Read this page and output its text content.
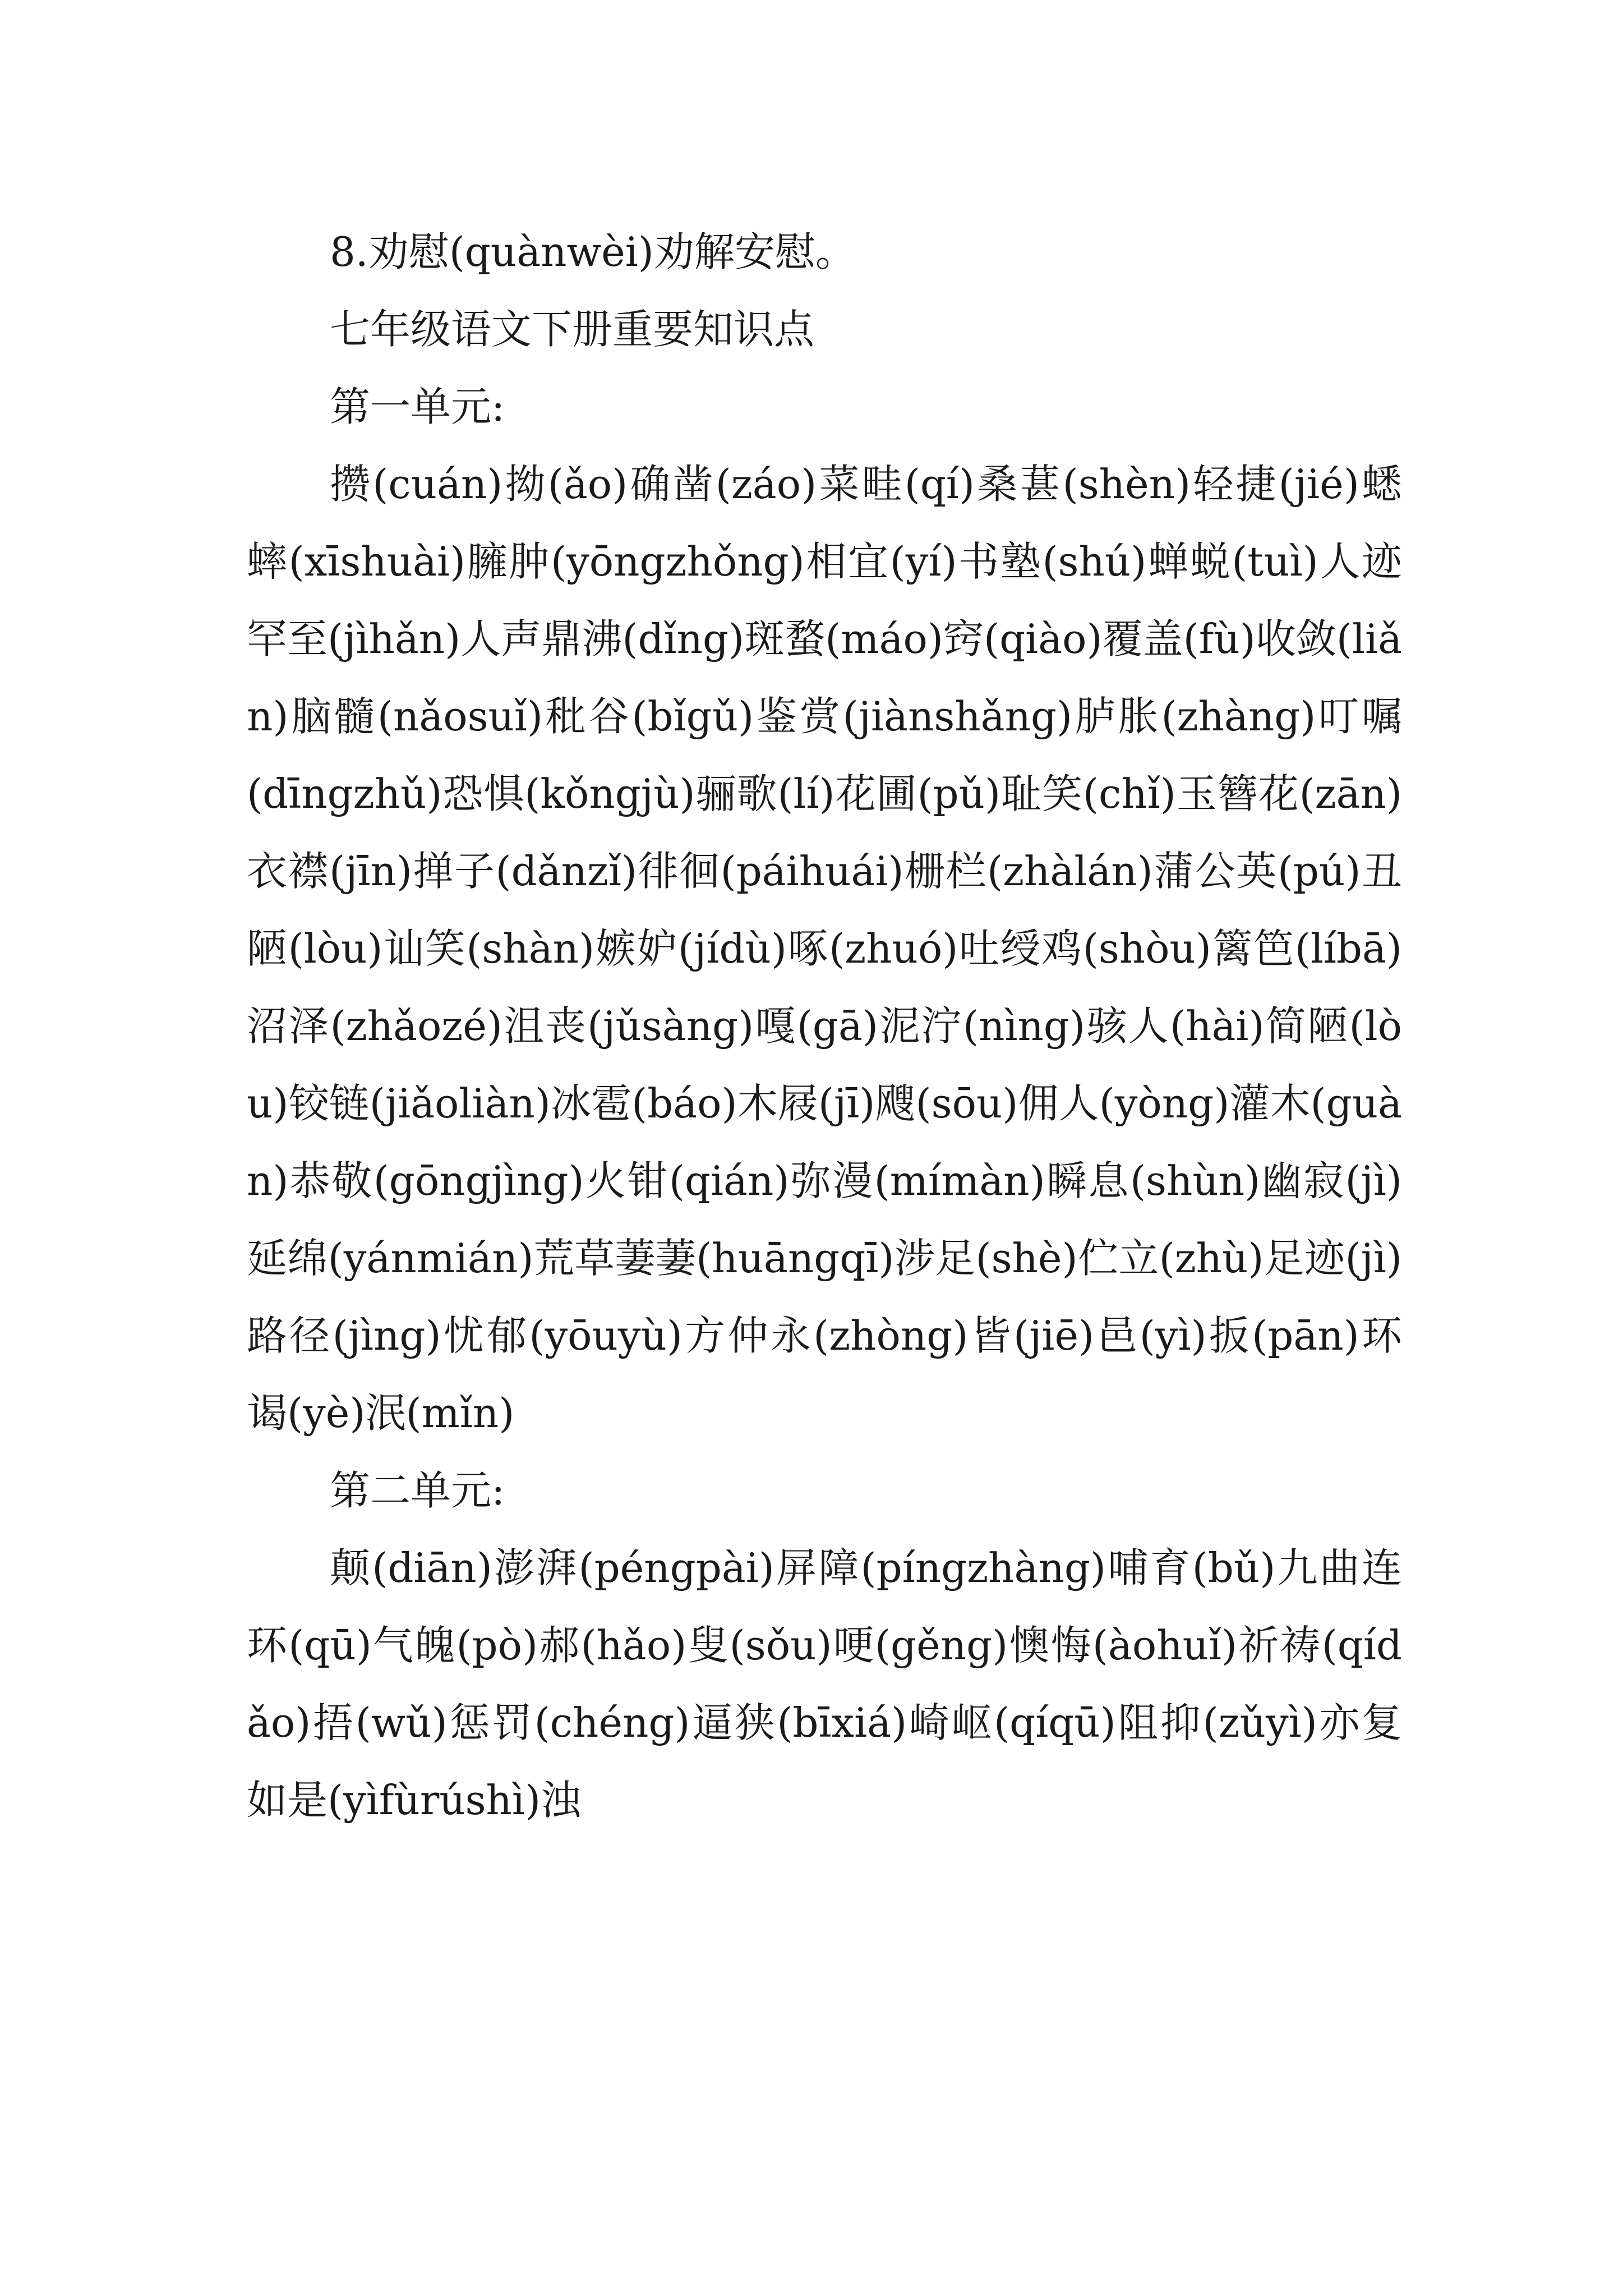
8.劝慰(quànwèi)劝解安慰。

七年级语文下册重要知识点

第一单元:

攒(cuán)拗(ǎo)确凿(záo)菜畦(qí)桑葚(shèn)轻捷(jié)蟋蟀(xīshuài)臃肿(yōngzhǒng)相宜(yí)书塾(shú)蝉蜕(tuì)人迹罕至(jìhǎn)人声鼎沸(dǐng)斑蝥(máo)窍(qiào)覆盖(fù)收敛(liǎn)脑髓(nǎosuǐ)秕谷(bǐgǔ)鉴赏(jiànshǎng)胪胀(zhàng)叮嘱(dīngzhǔ)恐惧(kǒngjù)骊歌(lí)花圃(pǔ)耻笑(chǐ)玉簪花(zān)衣襟(jīn)掸子(dǎnzǐ)徘徊(páihuái)栅栏(zhàlán)蒲公英(pú)丑陋(lòu)讪笑(shàn)嫉妒(jídù)啄(zhuó)吐绶鸡(shòu)篱笆(líbā)沼泽(zhǎozé)沮丧(jǔsàng)嘎(gā)泥泞(nìng)骇人(hài)简陋(lòu)铰链(jiǎoliàn)冰雹(báo)木屐(jī)飕(sōu)佣人(yòng)灌木(guàn)恭敬(gōngjìng)火钳(qián)弥漫(mímàn)瞬息(shùn)幽寂(jì)延绵(yánmián)荒草萋萋(huāngqī)涉足(shè)伫立(zhù)足迹(jì)路径(jìng)忧郁(yōuyù)方仲永(zhòng)皆(jiē)邑(yì)扳(pān)环谒(yè)泯(mǐn)

第二单元:

颠(diān)澎湃(péngpài)屏障(píngzhàng)哺育(bǔ)九曲连环(qū)气魄(pò)郝(hǎo)叟(sǒu)哽(gěng)懊悔(àohuǐ)祈祷(qídǎo)捂(wǔ)惩罚(chéng)逼狭(bīxiá)崎岖(qíqū)阻抑(zǔyì)亦复如是(yìfùrúshì)浊
